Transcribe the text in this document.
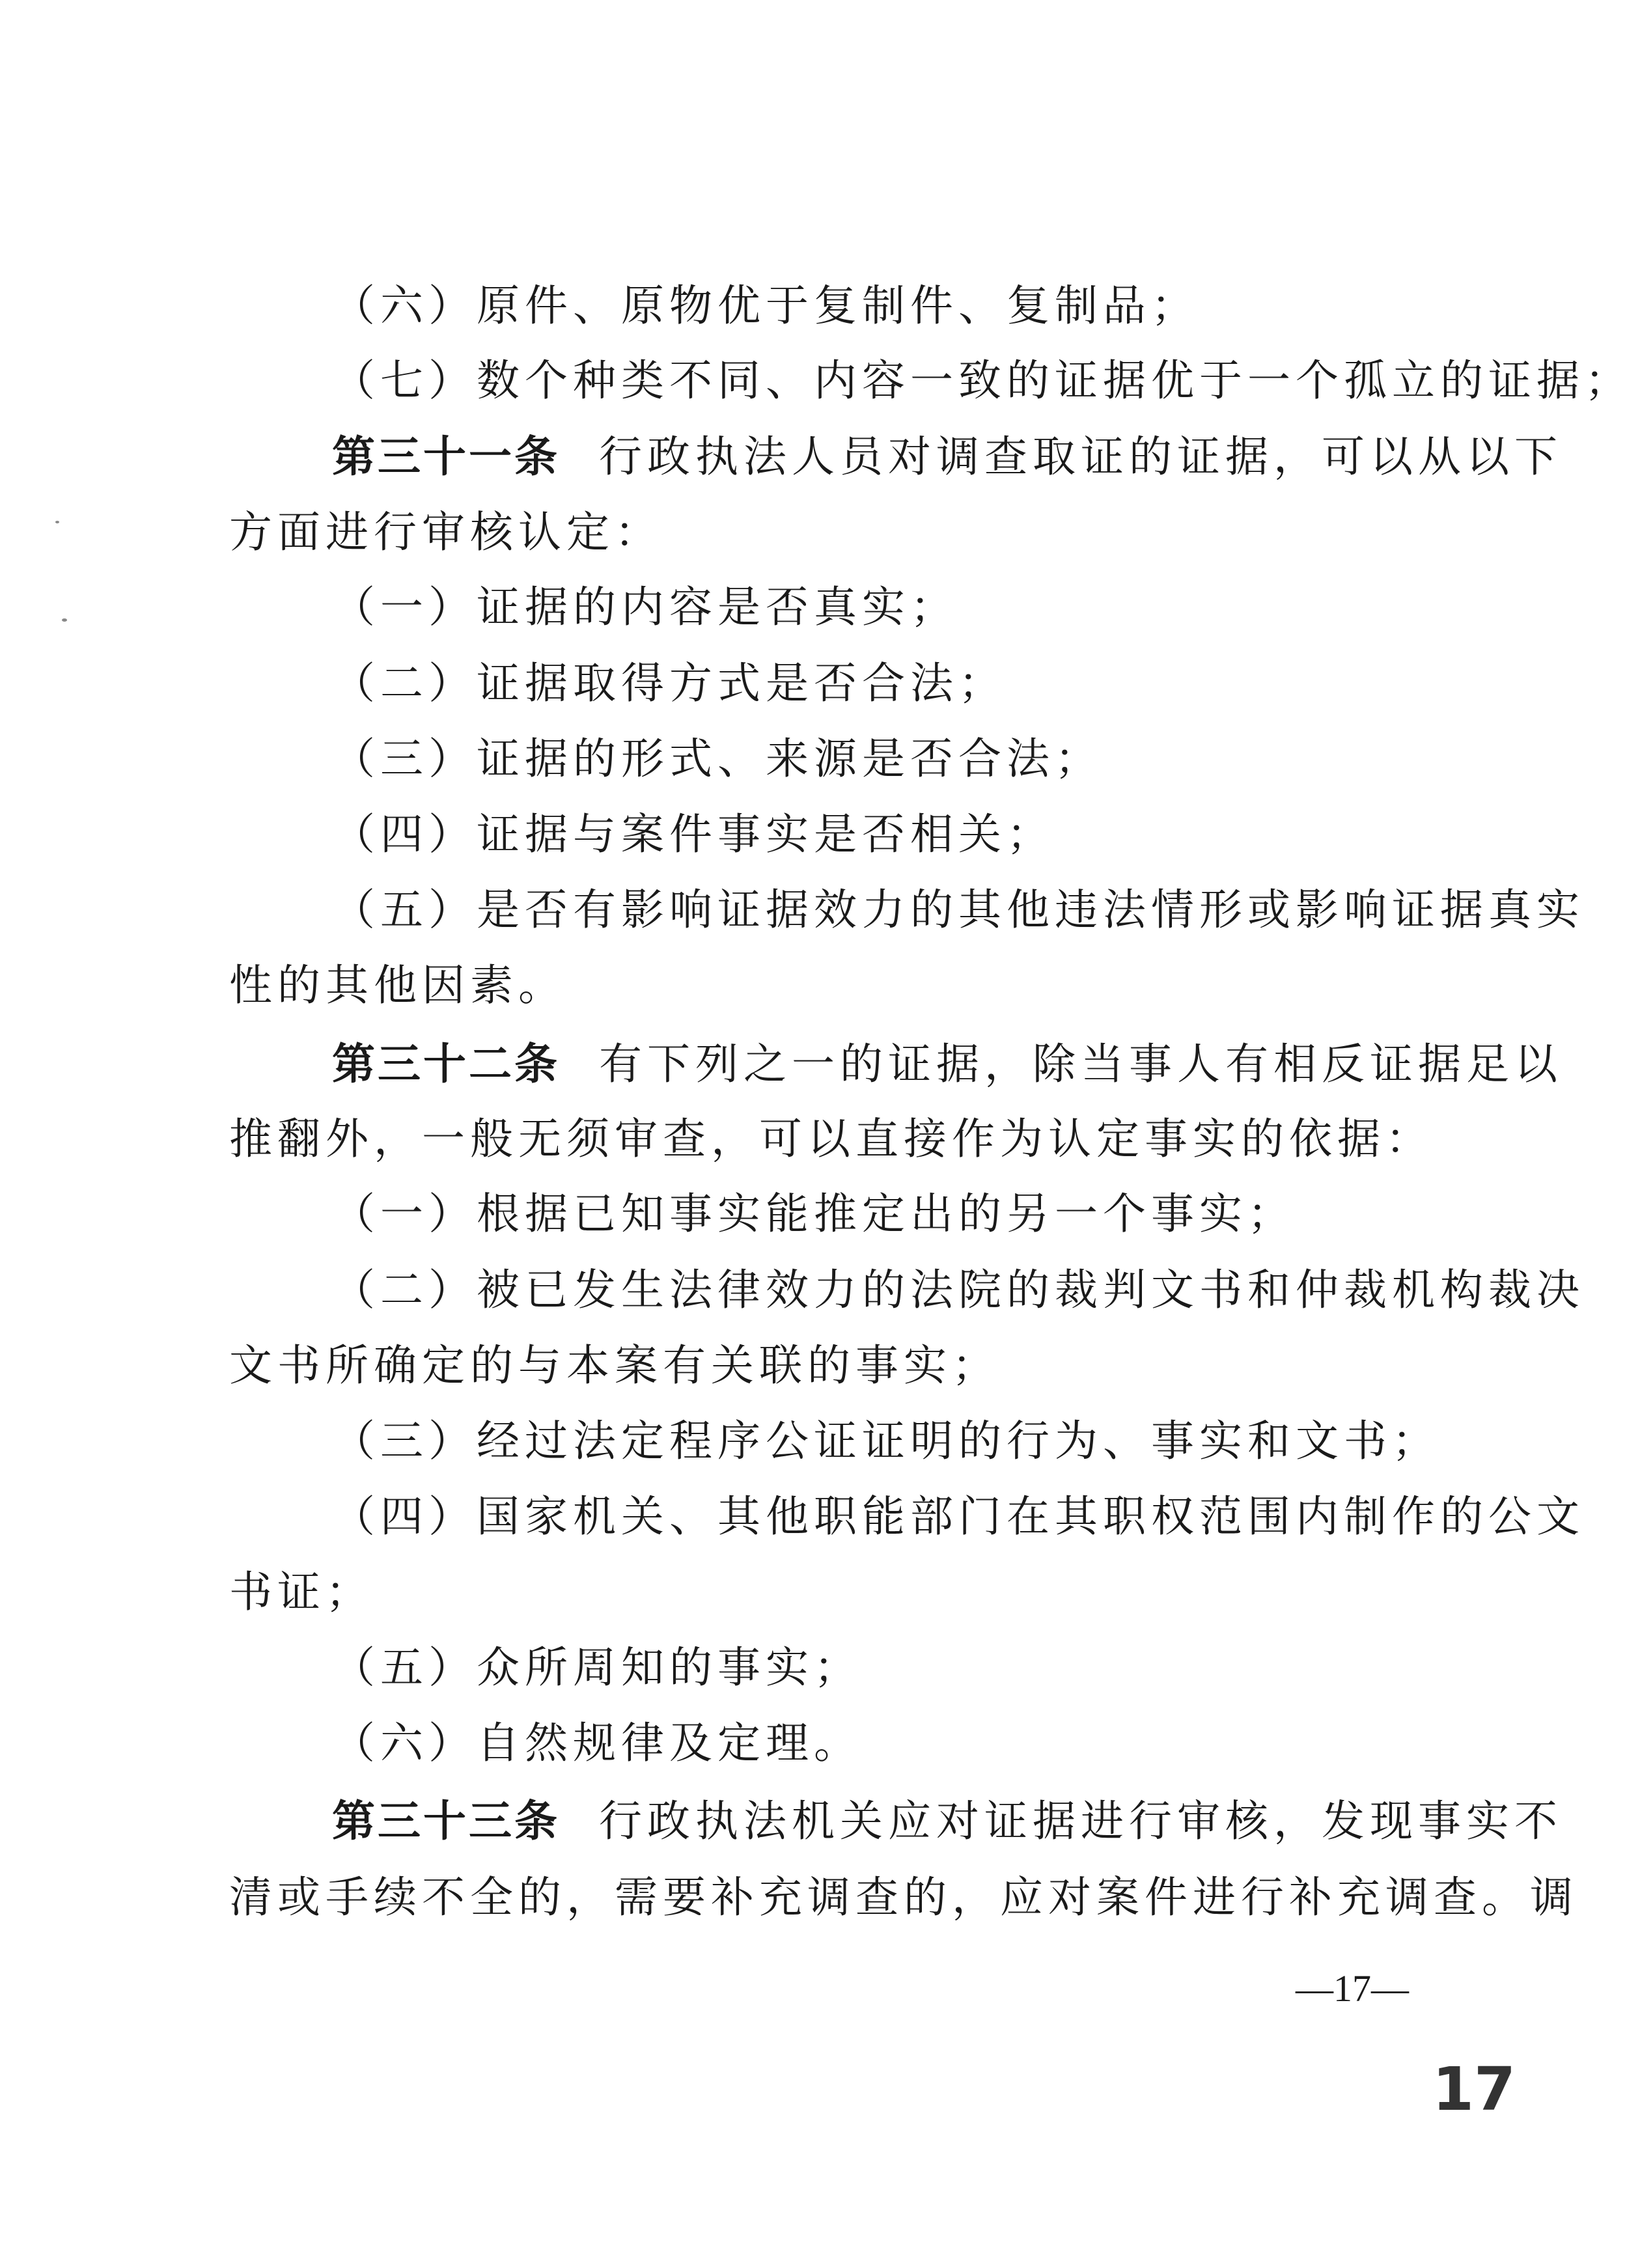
（六）原件、原物优于复制件、复制品；
（七）数个种类不同、内容一致的证据优于一个孤立的证据；
第三十一条 行政执法人员对调查取证的证据，可以从以下
方面进行审核认定：
（一）证据的内容是否真实；
（二）证据取得方式是否合法；
（三）证据的形式、来源是否合法；
（四）证据与案件事实是否相关；
（五）是否有影响证据效力的其他违法情形或影响证据真实
性的其他因素。
第三十二条 有下列之一的证据，除当事人有相反证据足以
推翻外，一般无须审查，可以直接作为认定事实的依据：
（一）根据已知事实能推定出的另一个事实；
（二）被已发生法律效力的法院的裁判文书和仲裁机构裁决
文书所确定的与本案有关联的事实；
（三）经过法定程序公证证明的行为、事实和文书；
（四）国家机关、其他职能部门在其职权范围内制作的公文
书证；
（五）众所周知的事实；
（六）自然规律及定理。
第三十三条 行政执法机关应对证据进行审核，发现事实不
清或手续不全的，需要补充调查的，应对案件进行补充调查。调
—17—
17
